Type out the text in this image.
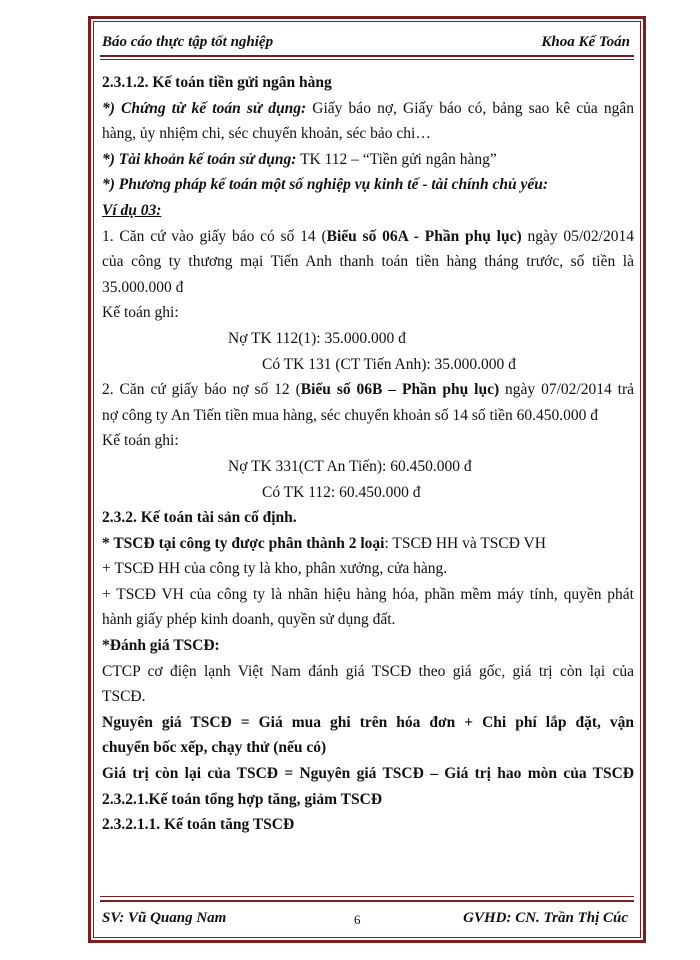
Báo cáo thực tập tốt nghiệp	Khoa Kế Toán
2.3.1.2. Kế toán tiền gửi ngân hàng
*) Chứng từ kế toán sử dụng: Giấy báo nợ, Giấy báo có, bảng sao kê của ngân
hàng, ủy nhiệm chi, séc chuyển khoản, séc bảo chi…
*) Tài khoản kế toán sử dụng: TK 112 – “Tiền gửi ngân hàng”
*) Phương pháp kế toán một số nghiệp vụ kinh tế - tài chính chủ yếu:
Ví dụ 03:
1. Căn cứ vào giấy báo có số 14 (Biểu số 06A - Phần phụ lục) ngày 05/02/2014
của công ty thương mại Tiến Anh thanh toán tiền hàng tháng trước, số tiền là
35.000.000 đ
Kế toán ghi:
Nợ TK 112(1): 35.000.000 đ
Có TK 131 (CT Tiến Anh): 35.000.000 đ
2. Căn cứ giấy báo nợ số 12 (Biểu số 06B – Phần phụ lục) ngày 07/02/2014 trả
nợ công ty An Tiến tiền mua hàng, séc chuyển khoản số 14 số tiền 60.450.000 đ
Kế toán ghi:
Nợ TK 331(CT An Tiến): 60.450.000 đ
Có TK 112: 60.450.000 đ
2.3.2. Kế toán tài sản cố định.
* TSCĐ tại công ty được phân thành 2 loại: TSCĐ HH và TSCĐ VH
+ TSCĐ HH của công ty là kho, phân xưởng, cửa hàng.
+ TSCĐ VH của công ty là nhãn hiệu hàng hóa, phần mềm máy tính, quyền phát
hành giấy phép kinh doanh, quyền sử dụng đất.
*Đánh giá TSCĐ:
CTCP cơ điện lạnh Việt Nam đánh giá TSCĐ theo giá gốc, giá trị còn lại của
TSCĐ.
Nguyên giá TSCĐ = Giá mua ghi trên hóa đơn + Chi phí lắp đặt, vận
chuyển bốc xếp, chạy thử (nếu có)
Giá trị còn lại của TSCĐ = Nguyên giá TSCĐ – Giá trị hao mòn của TSCĐ
2.3.2.1.Kế toán tổng hợp tăng, giảm TSCĐ
2.3.2.1.1. Kế toán tăng TSCĐ
SV: Vũ Quang Nam	6	GVHD: CN. Trần Thị Cúc
